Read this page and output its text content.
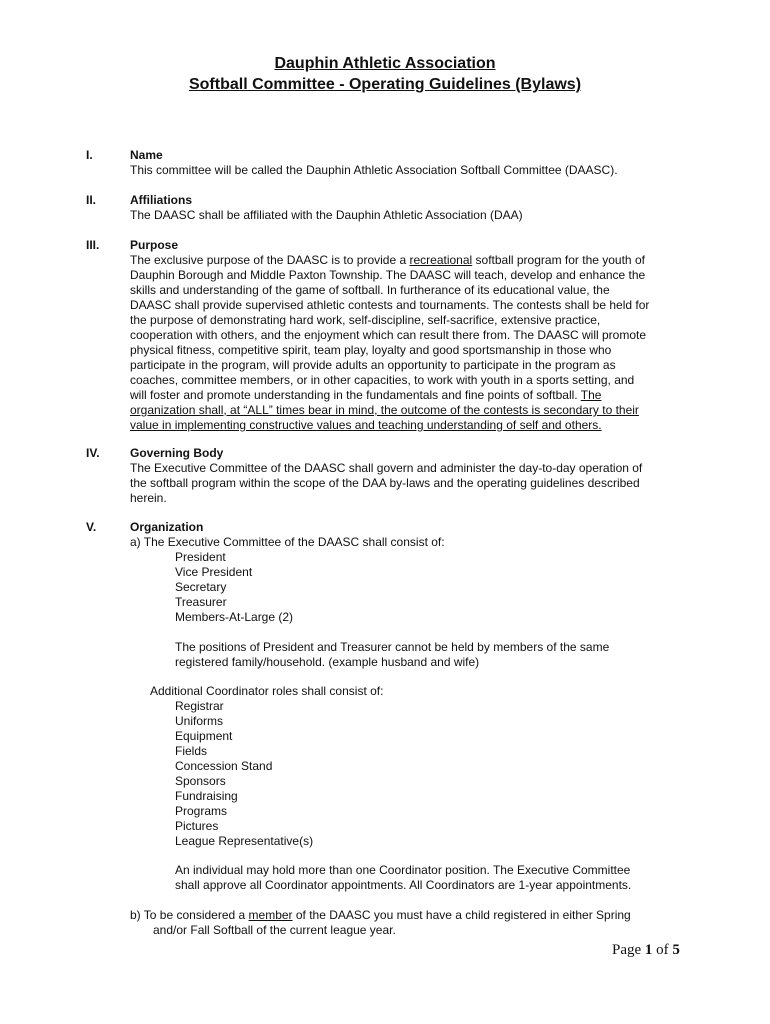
Dauphin Athletic Association
Softball Committee - Operating Guidelines (Bylaws)
I.	Name
This committee will be called the Dauphin Athletic Association Softball Committee (DAASC).
II.	Affiliations
The DAASC shall be affiliated with the Dauphin Athletic Association (DAA)
III.	Purpose
The exclusive purpose of the DAASC is to provide a recreational softball program for the youth of
Dauphin Borough and Middle Paxton Township. The DAASC will teach, develop and enhance the
skills and understanding of the game of softball. In furtherance of its educational value, the
DAASC shall provide supervised athletic contests and tournaments. The contests shall be held for
the purpose of demonstrating hard work, self-discipline, self-sacrifice, extensive practice,
cooperation with others, and the enjoyment which can result there from. The DAASC will promote
physical fitness, competitive spirit, team play, loyalty and good sportsmanship in those who
participate in the program, will provide adults an opportunity to participate in the program as
coaches, committee members, or in other capacities, to work with youth in a sports setting, and
will foster and promote understanding in the fundamentals and fine points of softball. The
organization shall, at “ALL” times bear in mind, the outcome of the contests is secondary to their
value in implementing constructive values and teaching understanding of self and others.
IV.	Governing Body
The Executive Committee of the DAASC shall govern and administer the day-to-day operation of
the softball program within the scope of the DAA by-laws and the operating guidelines described
herein.
V.	Organization
a) The Executive Committee of the DAASC shall consist of:
President
Vice President
Secretary
Treasurer
Members-At-Large (2)
The positions of President and Treasurer cannot be held by members of the same
registered family/household. (example husband and wife)
Additional Coordinator roles shall consist of:
Registrar
Uniforms
Equipment
Fields
Concession Stand
Sponsors
Fundraising
Programs
Pictures
League Representative(s)
An individual may hold more than one Coordinator position. The Executive Committee
shall approve all Coordinator appointments. All Coordinators are 1-year appointments.
b) To be considered a member of the DAASC you must have a child registered in either Spring
and/or Fall Softball of the current league year.
Page 1 of 5
